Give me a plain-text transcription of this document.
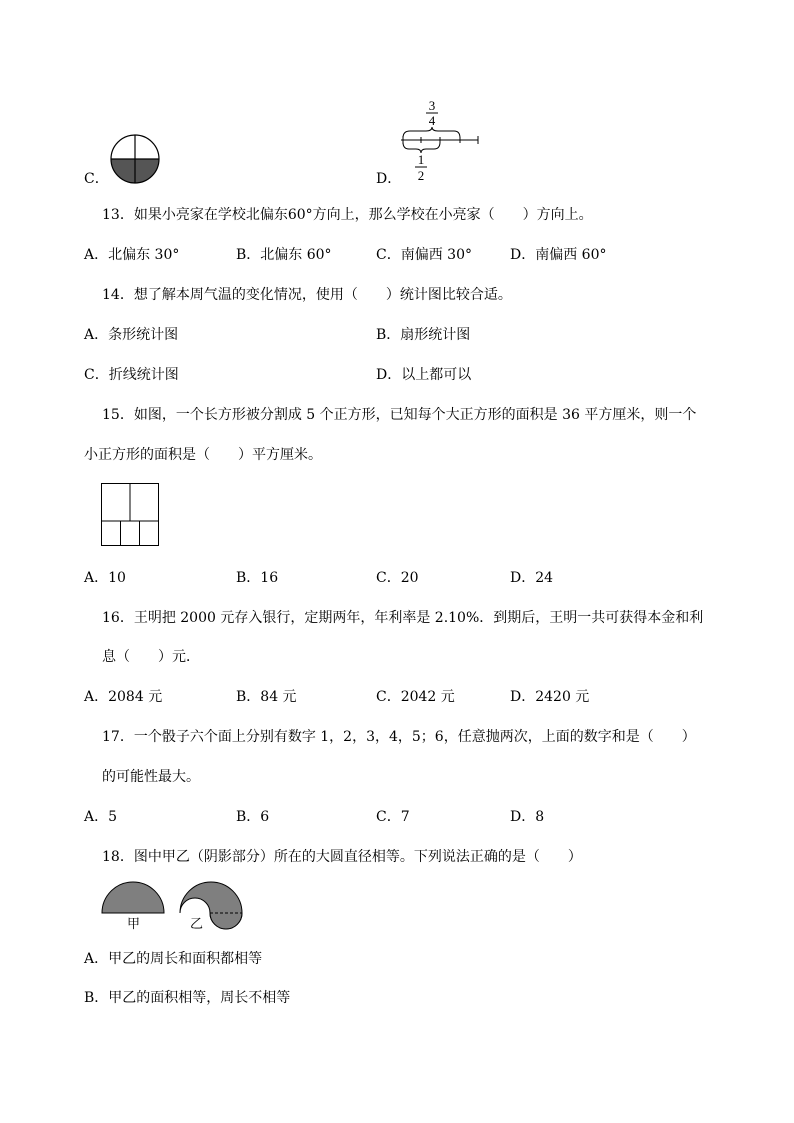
C．	D．
3
4
1
2
13．如果小亮家在学校北偏东60°方向上，那么学校在小亮家（　　）方向上。
A．北偏东 30°	B．北偏东 60°	C．南偏西 30°	D．南偏西 60°
14．想了解本周气温的变化情况，使用（　　）统计图比较合适。
A．条形统计图	B．扇形统计图
C．折线统计图	D．以上都可以
15．如图，一个长方形被分割成 5 个正方形，已知每个大正方形的面积是 36 平方厘米，则一个
小正方形的面积是（　　）平方厘米。
A．10	B．16	C．20	D．24
16．王明把 2000 元存入银行，定期两年，年利率是 2.10%．到期后，王明一共可获得本金和利
息（　　）元．
A．2084 元	B．84 元	C．2042 元	D．2420 元
17．一个骰子六个面上分别有数字 1，2，3，4，5；6，任意抛两次，上面的数字和是（　　）
的可能性最大。
A．5	B．6	C．7	D．8
18．图中甲乙（阴影部分）所在的大圆直径相等。下列说法正确的是（　　）
甲	乙
A．甲乙的周长和面积都相等
B．甲乙的面积相等，周长不相等
